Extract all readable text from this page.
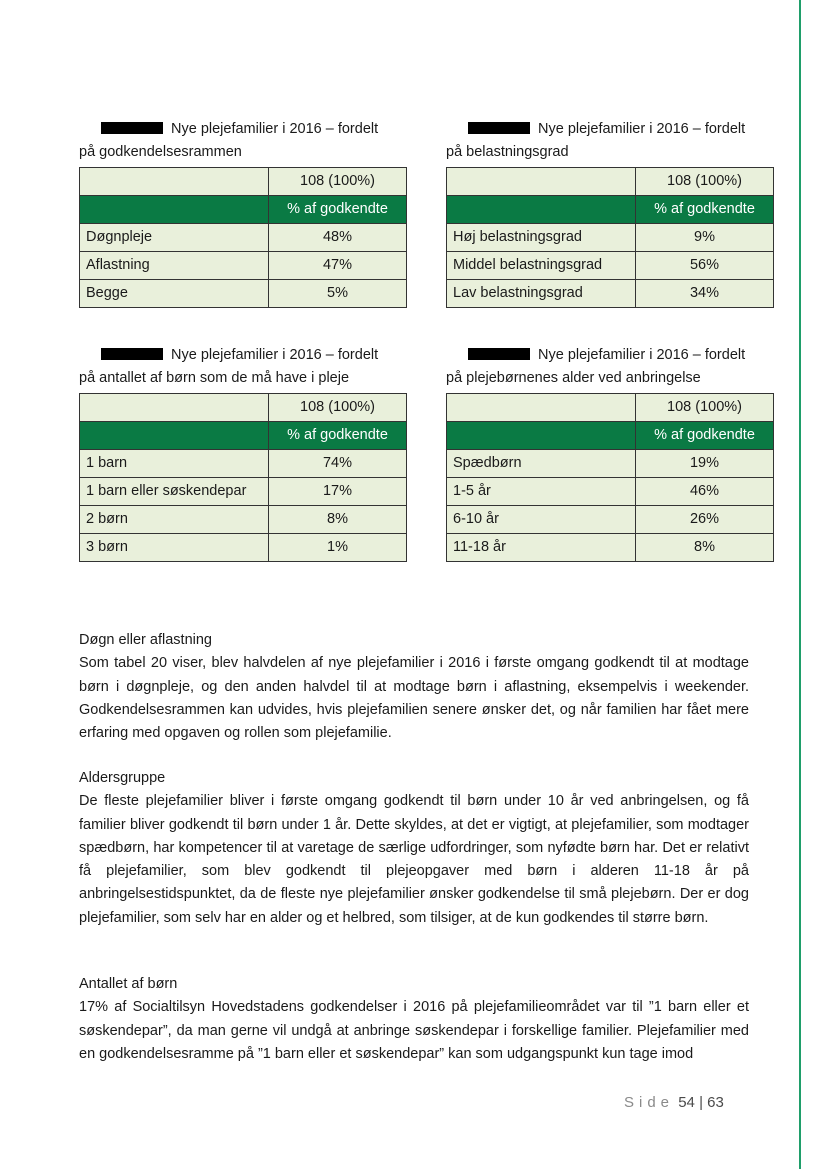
Nye plejefamilier i 2016 – fordelt
på godkendelsesrammen
	108 (100%)
	% af godkendte
Døgnpleje	48%
Aflastning	47%
Begge	5%
Nye plejefamilier i 2016 – fordelt
på belastningsgrad
	108 (100%)
	% af godkendte
Høj belastningsgrad	9%
Middel belastningsgrad	56%
Lav belastningsgrad	34%
Nye plejefamilier i 2016 – fordelt
på antallet af børn som de må have i pleje
	108 (100%)
	% af godkendte
1 barn	74%
1 barn eller søskendepar	17%
2 børn	8%
3 børn	1%
Nye plejefamilier i 2016 – fordelt
på plejebørnenes alder ved anbringelse
	108 (100%)
	% af godkendte
Spædbørn	19%
1-5 år	46%
6-10 år	26%
11-18 år	8%
Døgn eller aflastning

Som tabel 20 viser, blev halvdelen af nye plejefamilier i 2016 i første omgang godkendt til at modtage børn i døgnpleje, og den anden halvdel til at modtage børn i aflastning, eksempelvis i weekender. Godkendelsesrammen kan udvides, hvis plejefamilien senere ønsker det, og når familien har fået mere erfaring med opgaven og rollen som plejefamilie.

Aldersgruppe

De fleste plejefamilier bliver i første omgang godkendt til børn under 10 år ved anbringelsen, og få familier bliver godkendt til børn under 1 år. Dette skyldes, at det er vigtigt, at plejefamilier, som modtager spædbørn, har kompetencer til at varetage de særlige udfordringer, som nyfødte børn har. Det er relativt få plejefamilier, som blev godkendt til plejeopgaver med børn i alderen 11-18 år på anbringelsestidspunktet, da de fleste nye plejefamilier ønsker godkendelse til små plejebørn. Der er dog plejefamilier, som selv har en alder og et helbred, som tilsiger, at de kun godkendes til større børn.

Antallet af børn

17% af Socialtilsyn Hovedstadens godkendelser i 2016 på plejefamilieområdet var til ”1 barn eller et søskendepar”, da man gerne vil undgå at anbringe søskendepar i forskellige familier. Plejefamilier med en godkendelsesramme på ”1 barn eller et søskendepar” kan som udgangspunkt kun tage imod

Side 54 | 63
